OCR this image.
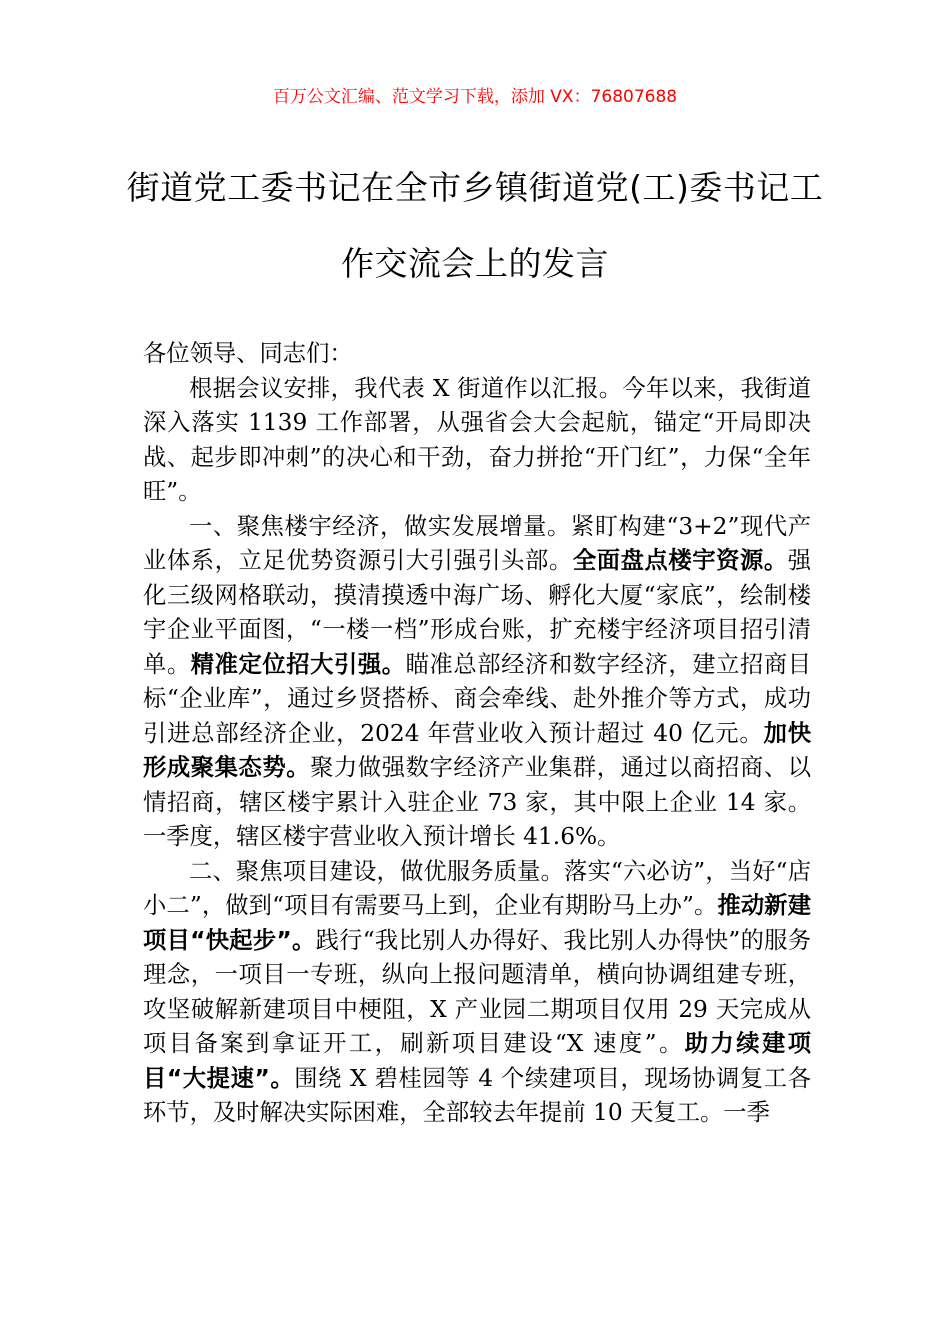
百万公文汇编、范文学习下载，添加 VX：76807688
街道党工委书记在全市乡镇街道党(工)委书记工作交流会上的发言

各位领导、同志们：

根据会议安排，我代表 X 街道作以汇报。今年以来，我街道深入落实 1139 工作部署，从强省会大会起航，锚定“开局即决战、起步即冲刺”的决心和干劲，奋力拼抢“开门红”，力保“全年旺”。

一、聚焦楼宇经济，做实发展增量。紧盯构建“3+2”现代产业体系，立足优势资源引大引强引头部。全面盘点楼宇资源。强化三级网格联动，摸清摸透中海广场、孵化大厦“家底”，绘制楼宇企业平面图，“一楼一档”形成台账，扩充楼宇经济项目招引清单。精准定位招大引强。瞄准总部经济和数字经济，建立招商目标“企业库”，通过乡贤搭桥、商会牵线、赴外推介等方式，成功引进总部经济企业，2024 年营业收入预计超过 40 亿元。加快形成聚集态势。聚力做强数字经济产业集群，通过以商招商、以情招商，辖区楼宇累计入驻企业 73 家，其中限上企业 14 家。一季度，辖区楼宇营业收入预计增长 41.6%。

二、聚焦项目建设，做优服务质量。落实“六必访”，当好“店小二”，做到“项目有需要马上到，企业有期盼马上办”。推动新建项目“快起步”。践行“我比别人办得好、我比别人办得快”的服务理念，一项目一专班，纵向上报问题清单，横向协调组建专班，攻坚破解新建项目中梗阻，X 产业园二期项目仅用 29 天完成从项目备案到拿证开工，刷新项目建设“X 速度”。助力续建项目“大提速”。围绕 X 碧桂园等 4 个续建项目，现场协调复工各环节，及时解决实际困难，全部较去年提前 10 天复工。一季
